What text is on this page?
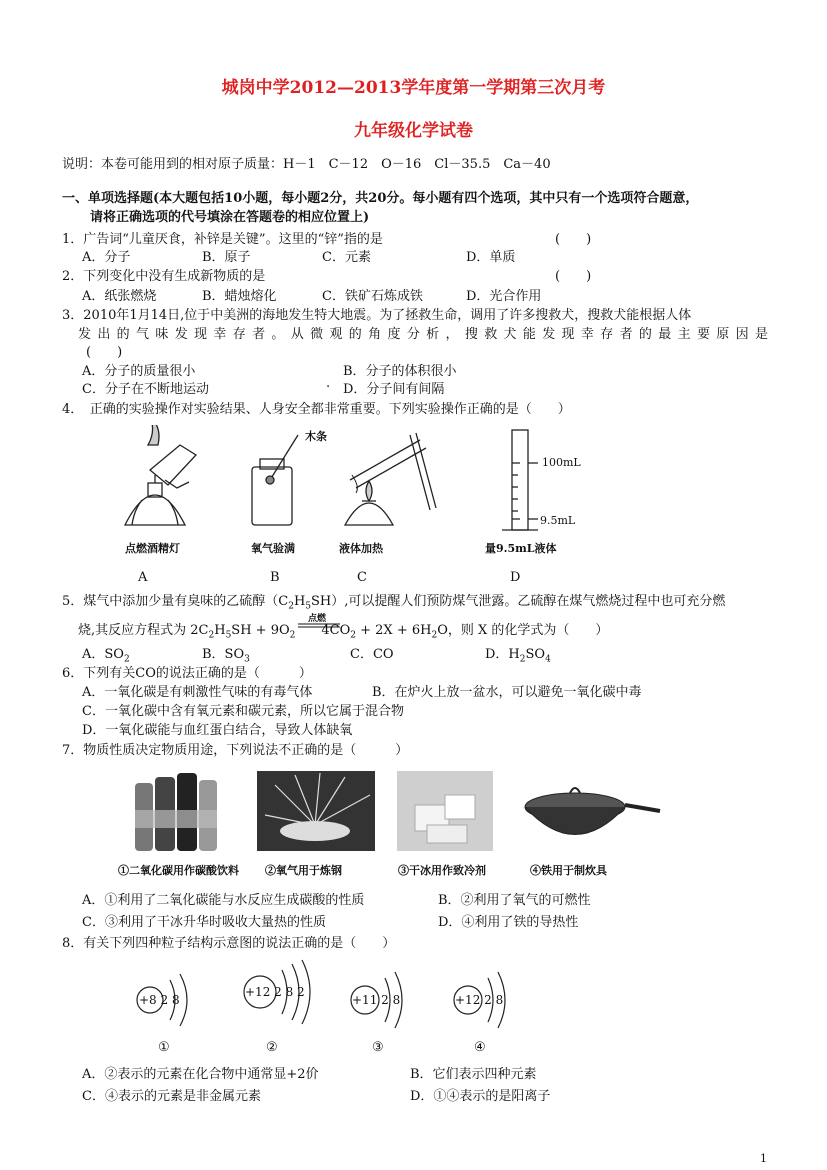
城岗中学2012—2013学年度第一学期第三次月考
九年级化学试卷
说明：本卷可能用到的相对原子质量：H－1　C－12　O－16　Cl－35.5　Ca－40
一、单项选择题(本大题包括10小题，每小题2分，共20分。每小题有四个选项，其中只有一个选项符合题意，
请将正确选项的代号填涂在答题卷的相应位置上)
1．广告词“儿童厌食，补锌是关键”。这里的“锌”指的是	(　　)
A．分子	B．原子	C．元素	D．单质
2．下列变化中没有生成新物质的是	(　　)
A．纸张燃烧	B．蜡烛熔化	C．铁矿石炼成铁	D．光合作用
3．2010年1月14日,位于中美洲的海地发生特大地震。为了拯救生命，调用了许多搜救犬，搜救犬能根据人体
发出的气味发现幸存者。从微观的角度分析，搜救犬能发现幸存者的最主要原因是
(　　)
A．分子的质量很小	B．分子的体积很小
C．分子在不断地运动	. D．分子间有间隔
4．　正确的实验操作对实验结果、人身安全都非常重要。下列实验操作正确的是（　　）
木条
100mL
9.5mL
点燃酒精灯	氧气验满	液体加热	量9.5mL液体
A	B	C	D
5．煤气中添加少量有臭味的乙硫醇$(C_2H_5SH)$,可以提醒人们预防煤气泄露。乙硫醇在煤气燃烧过程中也可充分燃
烧,其反应方程式为 $2C_2H_5SH + 9O_2$　　$4CO_2 + 2X + 6H_2O$，则 X 的化学式为（　　）
点燃
A．$SO_2$	B．$SO_3$	C．CO	D．$H_2SO_4$
6．下列有关CO的说法正确的是（　　　）
A．一氧化碳是有刺激性气味的有毒气体	B．在炉火上放一盆水，可以避免一氧化碳中毒
C．一氧化碳中含有氧元素和碳元素，所以它属于混合物
D．一氧化碳能与血红蛋白结合，导致人体缺氧
7．物质性质决定物质用途，下列说法不正确的是（　　　）
①二氧化碳用作碳酸饮料 ②氧气用于炼钢	③干冰用作致冷剂	④铁用于制炊具
A．①利用了二氧化碳能与水反应生成碳酸的性质	B．②利用了氧气的可燃性
C．③利用了干冰升华时吸收大量热的性质	D．④利用了铁的导热性
8．有关下列四种粒子结构示意图的说法正确的是（　　）
+8 2 8
+12 2 8 2
+11 2 8	+12 2 8
①	②	③	④
A．②表示的元素在化合物中通常显+2价	B．它们表示四种元素
C．④表示的元素是非金属元素	D．①④表示的是阳离子
1
